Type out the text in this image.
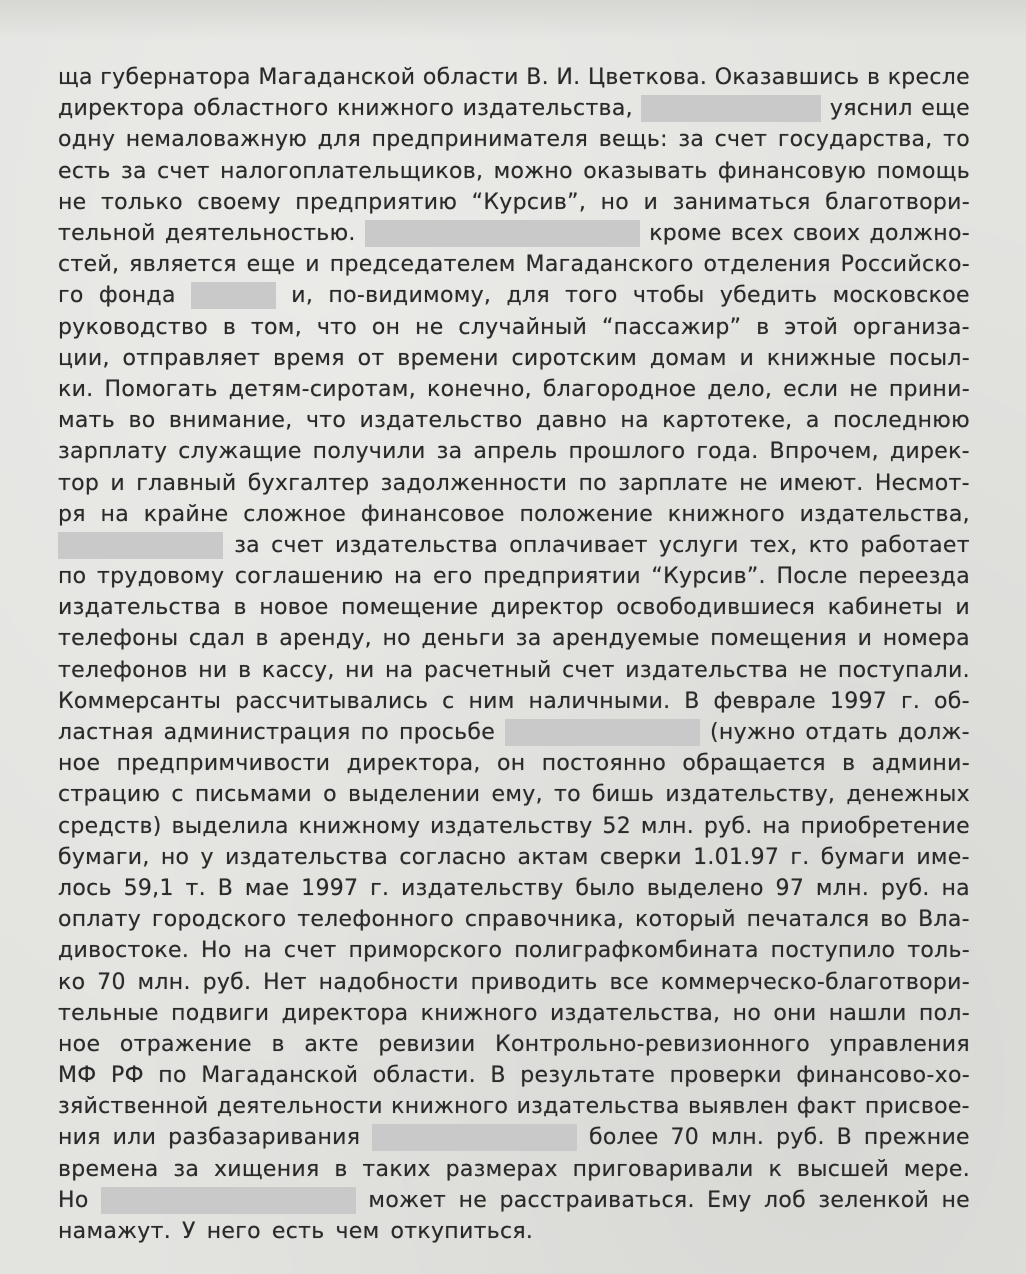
ща губернатора Магаданской области В. И. Цветкова. Оказавшись в кресле
директора областного книжного издательства,	уяснил еще
одну немаловажную для предпринимателя вещь: за счет государства, то
есть за счет налогоплательщиков, можно оказывать финансовую помощь
не только своему предприятию “Курсив”, но и заниматься благотвори-
тельной деятельностью.	кроме всех своих должно-
стей, является еще и председателем Магаданского отделения Российско-
го фонда	и, по-видимому, для того чтобы убедить московское
руководство в том, что он не случайный “пассажир” в этой организа-
ции, отправляет время от времени сиротским домам и книжные посыл-
ки. Помогать детям-сиротам, конечно, благородное дело, если не прини-
мать во внимание, что издательство давно на картотеке, а последнюю
зарплату служащие получили за апрель прошлого года. Впрочем, дирек-
тор и главный бухгалтер задолженности по зарплате не имеют. Несмот-
ря на крайне сложное финансовое положение книжного издательства,
за счет издательства оплачивает услуги тех, кто работает
по трудовому соглашению на его предприятии “Курсив”. После переезда
издательства в новое помещение директор освободившиеся кабинеты и
телефоны сдал в аренду, но деньги за арендуемые помещения и номера
телефонов ни в кассу, ни на расчетный счет издательства не поступали.
Коммерсанты рассчитывались с ним наличными. В феврале 1997 г. об-
ластная администрация по просьбе	(нужно отдать долж-
ное предпримчивости директора, он постоянно обращается в админи-
страцию с письмами о выделении ему, то бишь издательству, денежных
средств) выделила книжному издательству 52 млн. руб. на приобретение
бумаги, но у издательства согласно актам сверки 1.01.97 г. бумаги име-
лось 59,1 т. В мае 1997 г. издательству было выделено 97 млн. руб. на
оплату городского телефонного справочника, который печатался во Вла-
дивостоке. Но на счет приморского полиграфкомбината поступило толь-
ко 70 млн. руб. Нет надобности приводить все коммерческо-благотвори-
тельные подвиги директора книжного издательства, но они нашли пол-
ное отражение в акте ревизии Контрольно-ревизионного управления
МФ РФ по Магаданской области. В результате проверки финансово-хо-
зяйственной деятельности книжного издательства выявлен факт присвое-
ния или разбазаривания	более 70 млн. руб. В прежние
времена за хищения в таких размерах приговаривали к высшей мере.
Но	может не расстраиваться. Ему лоб зеленкой не
намажут. У него есть чем откупиться.
